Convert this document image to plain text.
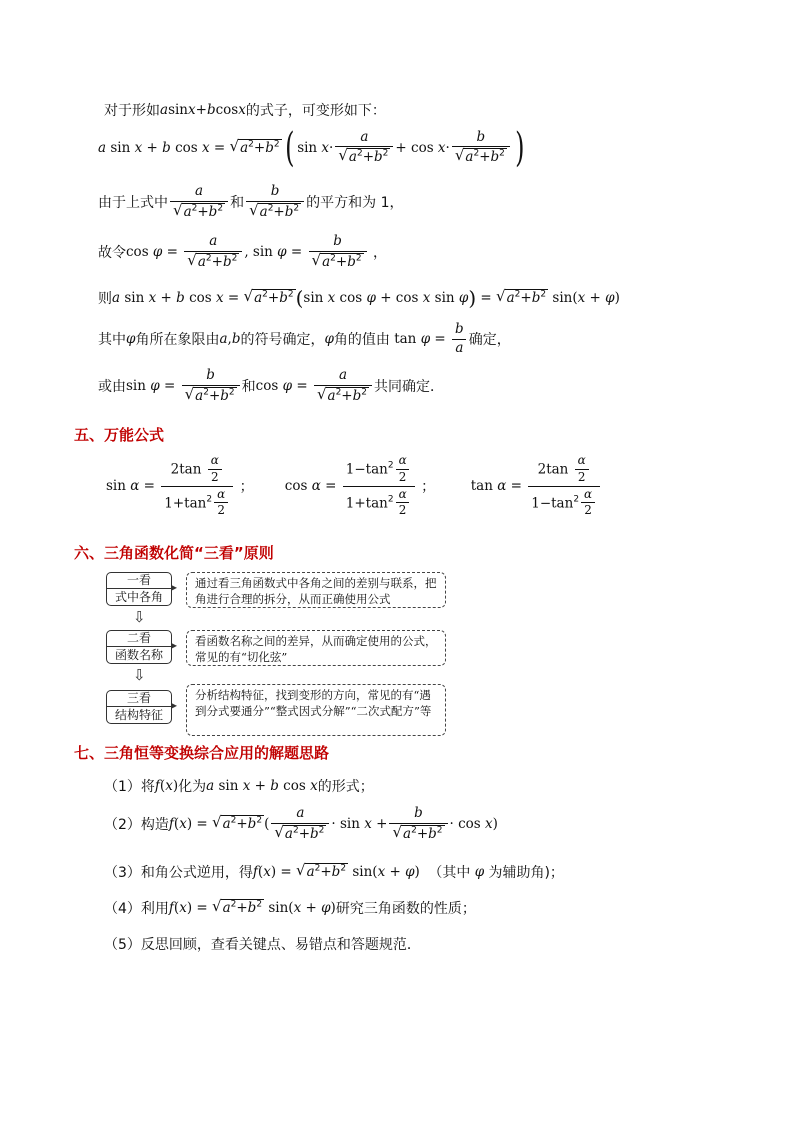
对于形如 a sin x + b cos x 的式子，可变形如下：
a sin x + b cos x = √ $a^2+b^2$ ( $\sin x \cdot \frac{a}{√ a^2+b^2} + \cos x \cdot \frac{b}{√ a^2+b^2}$ )
由于上式中 $\frac{a}{√ a^2+b^2}$ 和 $\frac{b}{√ a^2+b^2}$ 的平方和为 1，
故令 $\cos \varphi = \frac{a}{√ a^2+b^2}$ , $\sin \varphi = \frac{b}{√ a^2+b^2}$ ，
则 a sin x + b cos x = √ $a^2+b^2$ ( sin x cos φ + cos x sin φ ) = √ $a^2+b^2$ sin( x + φ )
其中 φ 角所在象限由 a , b 的符号确定， φ 角的值由 $\tan \varphi = \frac{b}{a}$ 确定，
或由 $\sin \varphi = \frac{b}{√ a^2+b^2}$ 和 $\cos \varphi = \frac{a}{√ a^2+b^2}$ 共同确定．
五、万能公式
$\sin \alpha = \frac{2\tan \frac{\alpha}{2}}{1+\tan^2 \frac{\alpha}{2}}$ ； $\cos \alpha = \frac{1-\tan^2 \frac{\alpha}{2}}{1+\tan^2 \frac{\alpha}{2}}$ ； $\tan \alpha = \frac{2\tan \frac{\alpha}{2}}{1-\tan^2 \frac{\alpha}{2}}$
六、三角函数化简“三看”原则
一看
式中各角
▸	通过看三角函数式中各角之间的差别与联系，把角进行合理的拆分，从而正确使用公式
⇩
二看
函数名称
▸	看函数名称之间的差异，从而确定使用的公式，常见的有“切化弦”
⇩
三看
结构特征
▸
分析结构特征，找到变形的方向，常见的有“遇到分式要通分”“整式因式分解”“二次式配方”等
七、三角恒等变换综合应用的解题思路
（1）将 f ( x ) 化为 a sin x + b cos x 的形式；
（2）构造 f ( x ) = √ $a^2+b^2$ ( $\frac{a}{√ a^2+b^2} \cdot \sin x + \frac{b}{√ a^2+b^2} \cdot \cos x$ )
（3）和角公式逆用，得 f ( x ) = √ $a^2+b^2$ sin( x + φ ) （其中 φ 为辅助角)；
（4）利用 f ( x ) = √ $a^2+b^2$ sin( x + φ ) 研究三角函数的性质；
（5）反思回顾，查看关键点、易错点和答题规范．
